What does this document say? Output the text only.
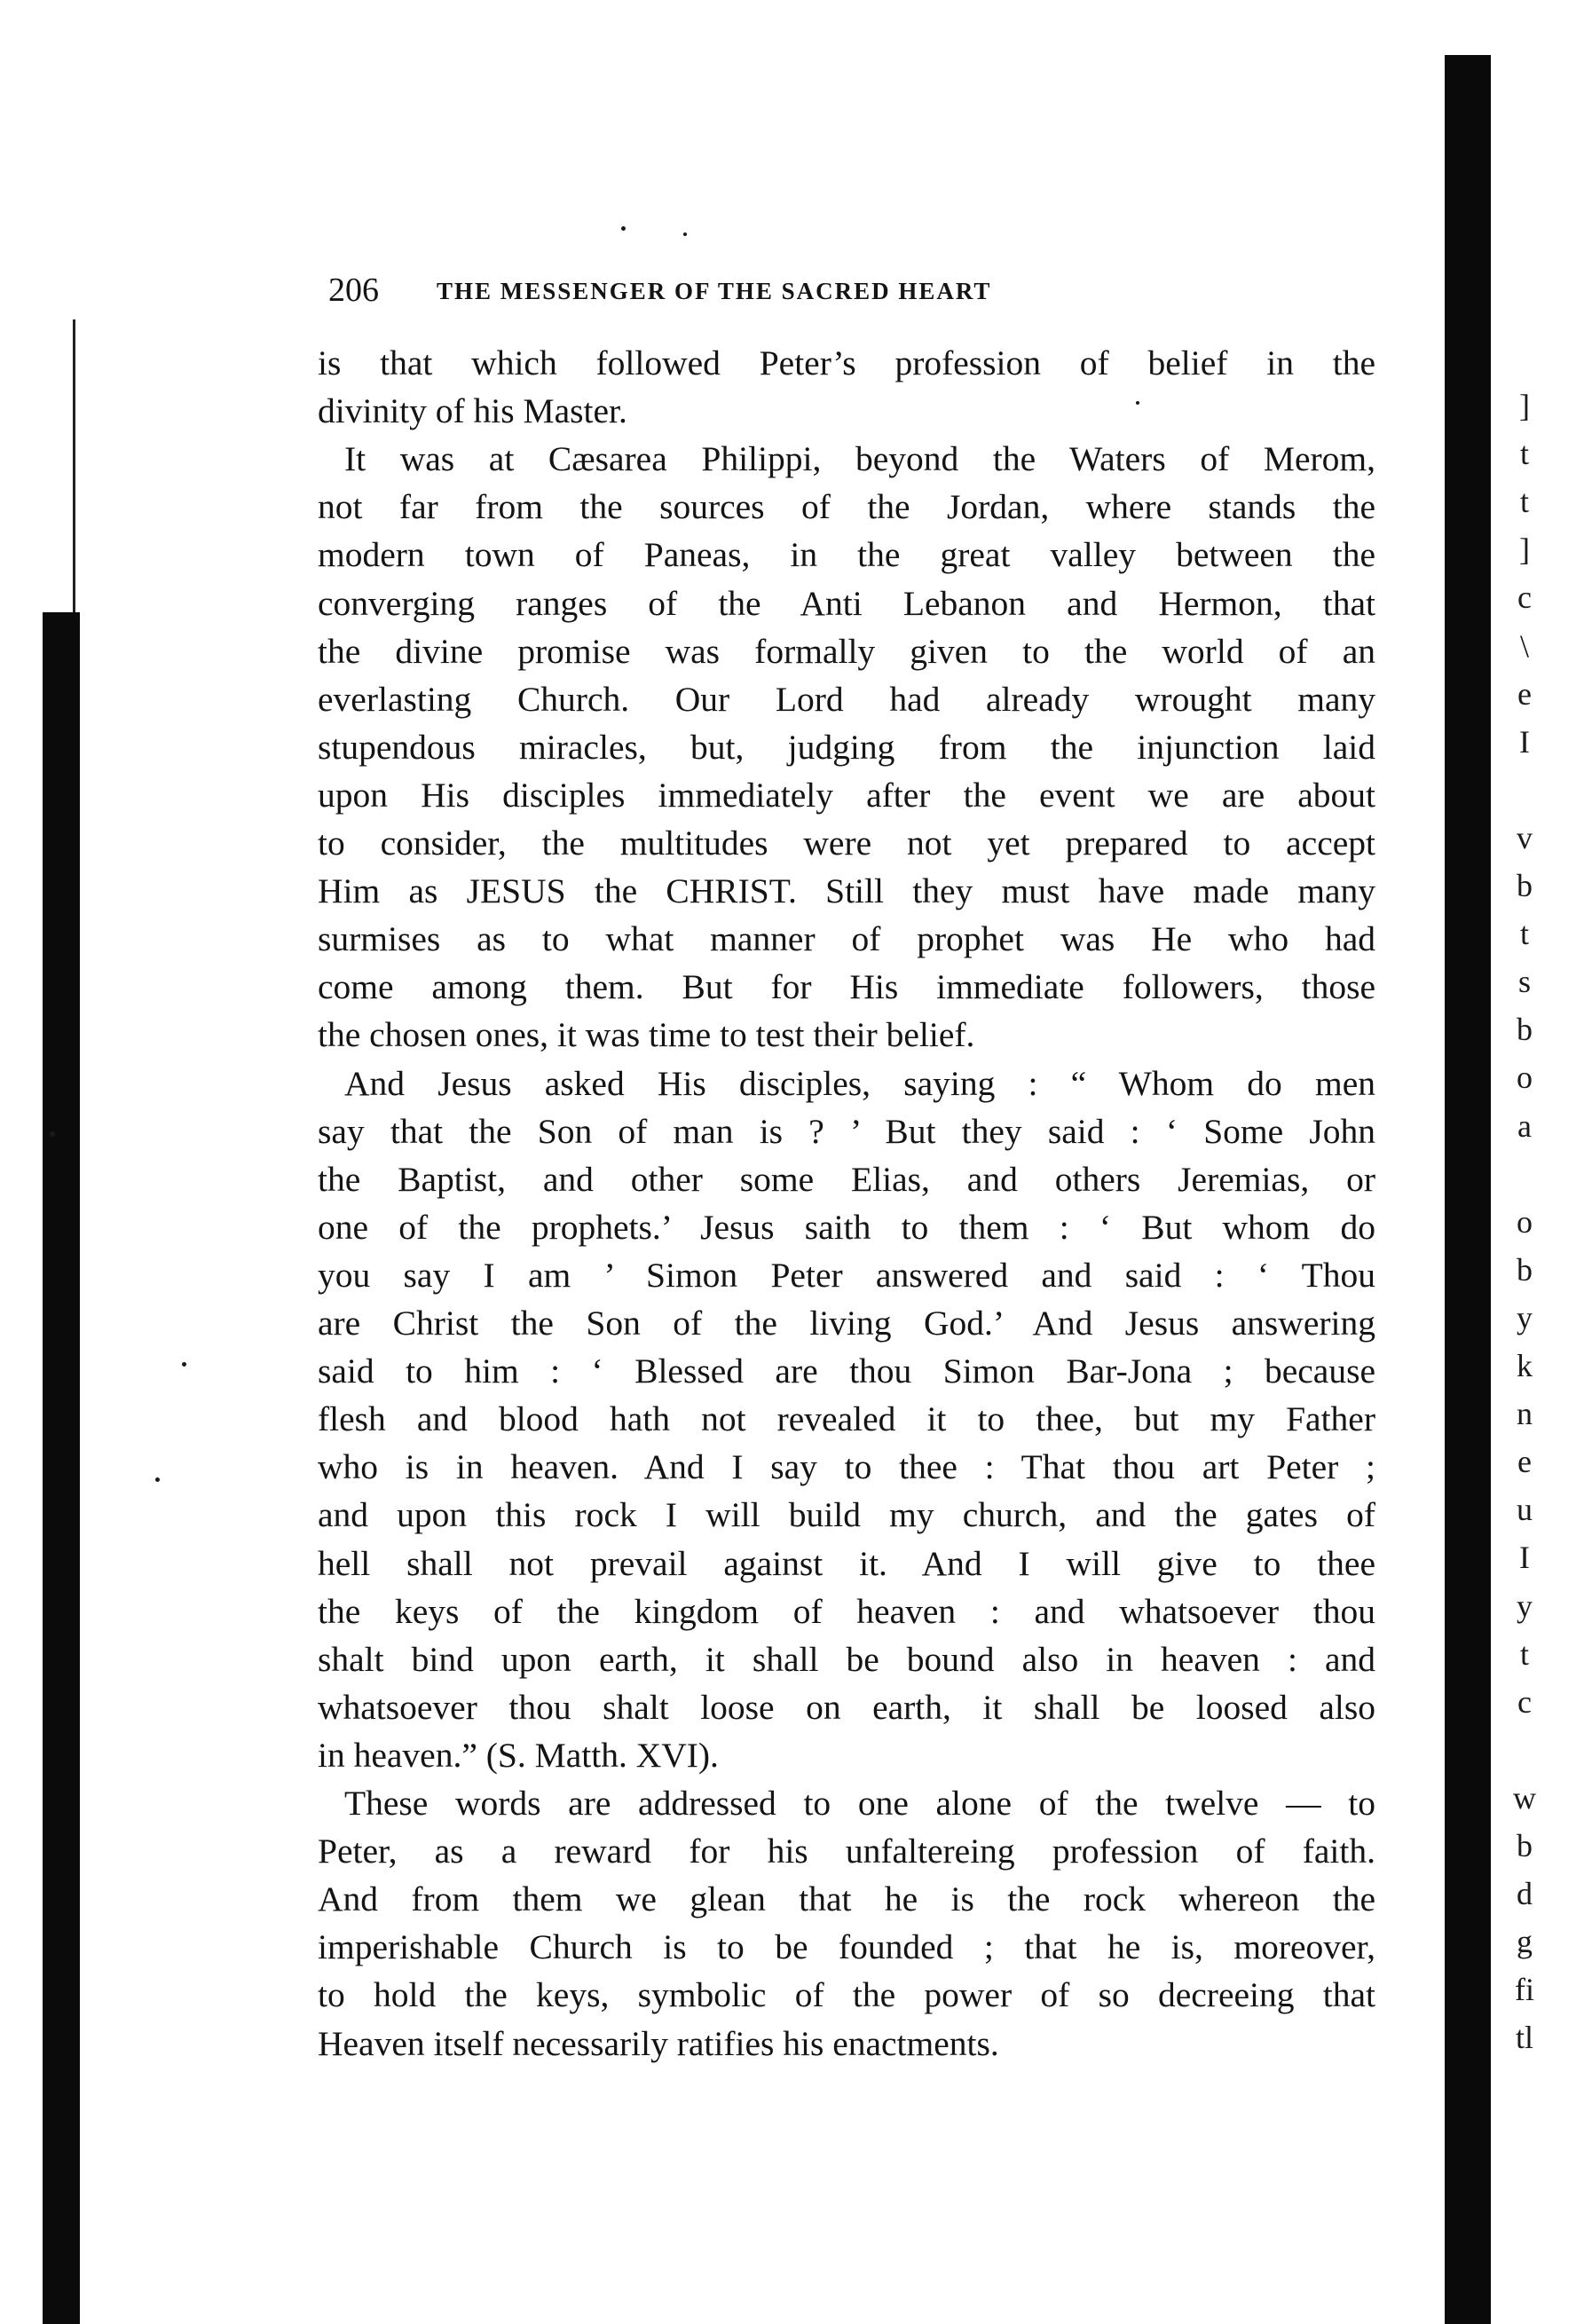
206 THE MESSENGER OF THE SACRED HEART
is that which followed Peter’s profession of belief in the
divinity of his Master.
It was at Cæsarea Philippi, beyond the Waters of Merom,
not far from the sources of the Jordan, where stands the
modern town of Paneas, in the great valley between the
converging ranges of the Anti Lebanon and Hermon, that
the divine promise was formally given to the world of an
everlasting Church. Our Lord had already wrought many
stupendous miracles, but, judging from the injunction laid
upon His disciples immediately after the event we are about
to consider, the multitudes were not yet prepared to accept
Him as JESUS the CHRIST. Still they must have made many
surmises as to what manner of prophet was He who had
come among them. But for His immediate followers, those
the chosen ones, it was time to test their belief.
And Jesus asked His disciples, saying : “ Whom do men
say that the Son of man is ? ’ But they said : ‘ Some John
the Baptist, and other some Elias, and others Jeremias, or
one of the prophets.’ Jesus saith to them : ‘ But whom do
you say I am ’ Simon Peter answered and said : ‘ Thou
are Christ the Son of the living God.’ And Jesus answering
said to him : ‘ Blessed are thou Simon Bar-Jona ; because
flesh and blood hath not revealed it to thee, but my Father
who is in heaven. And I say to thee : That thou art Peter ;
and upon this rock I will build my church, and the gates of
hell shall not prevail against it. And I will give to thee
the keys of the kingdom of heaven : and whatsoever thou
shalt bind upon earth, it shall be bound also in heaven : and
whatsoever thou shalt loose on earth, it shall be loosed also
in heaven.” (S. Matth. XVI).
These words are addressed to one alone of the twelve — to
Peter, as a reward for his unfaltereing profession of faith.
And from them we glean that he is the rock whereon the
imperishable Church is to be founded ; that he is, moreover,
to hold the keys, symbolic of the power of so decreeing that
Heaven itself necessarily ratifies his enactments.
]
t
t
]
c
\
e
I
v
b
t
s
b
o
a
o
b
y
k
n
e
u
I
y
t
c
w
b
d
g
fi
tl
